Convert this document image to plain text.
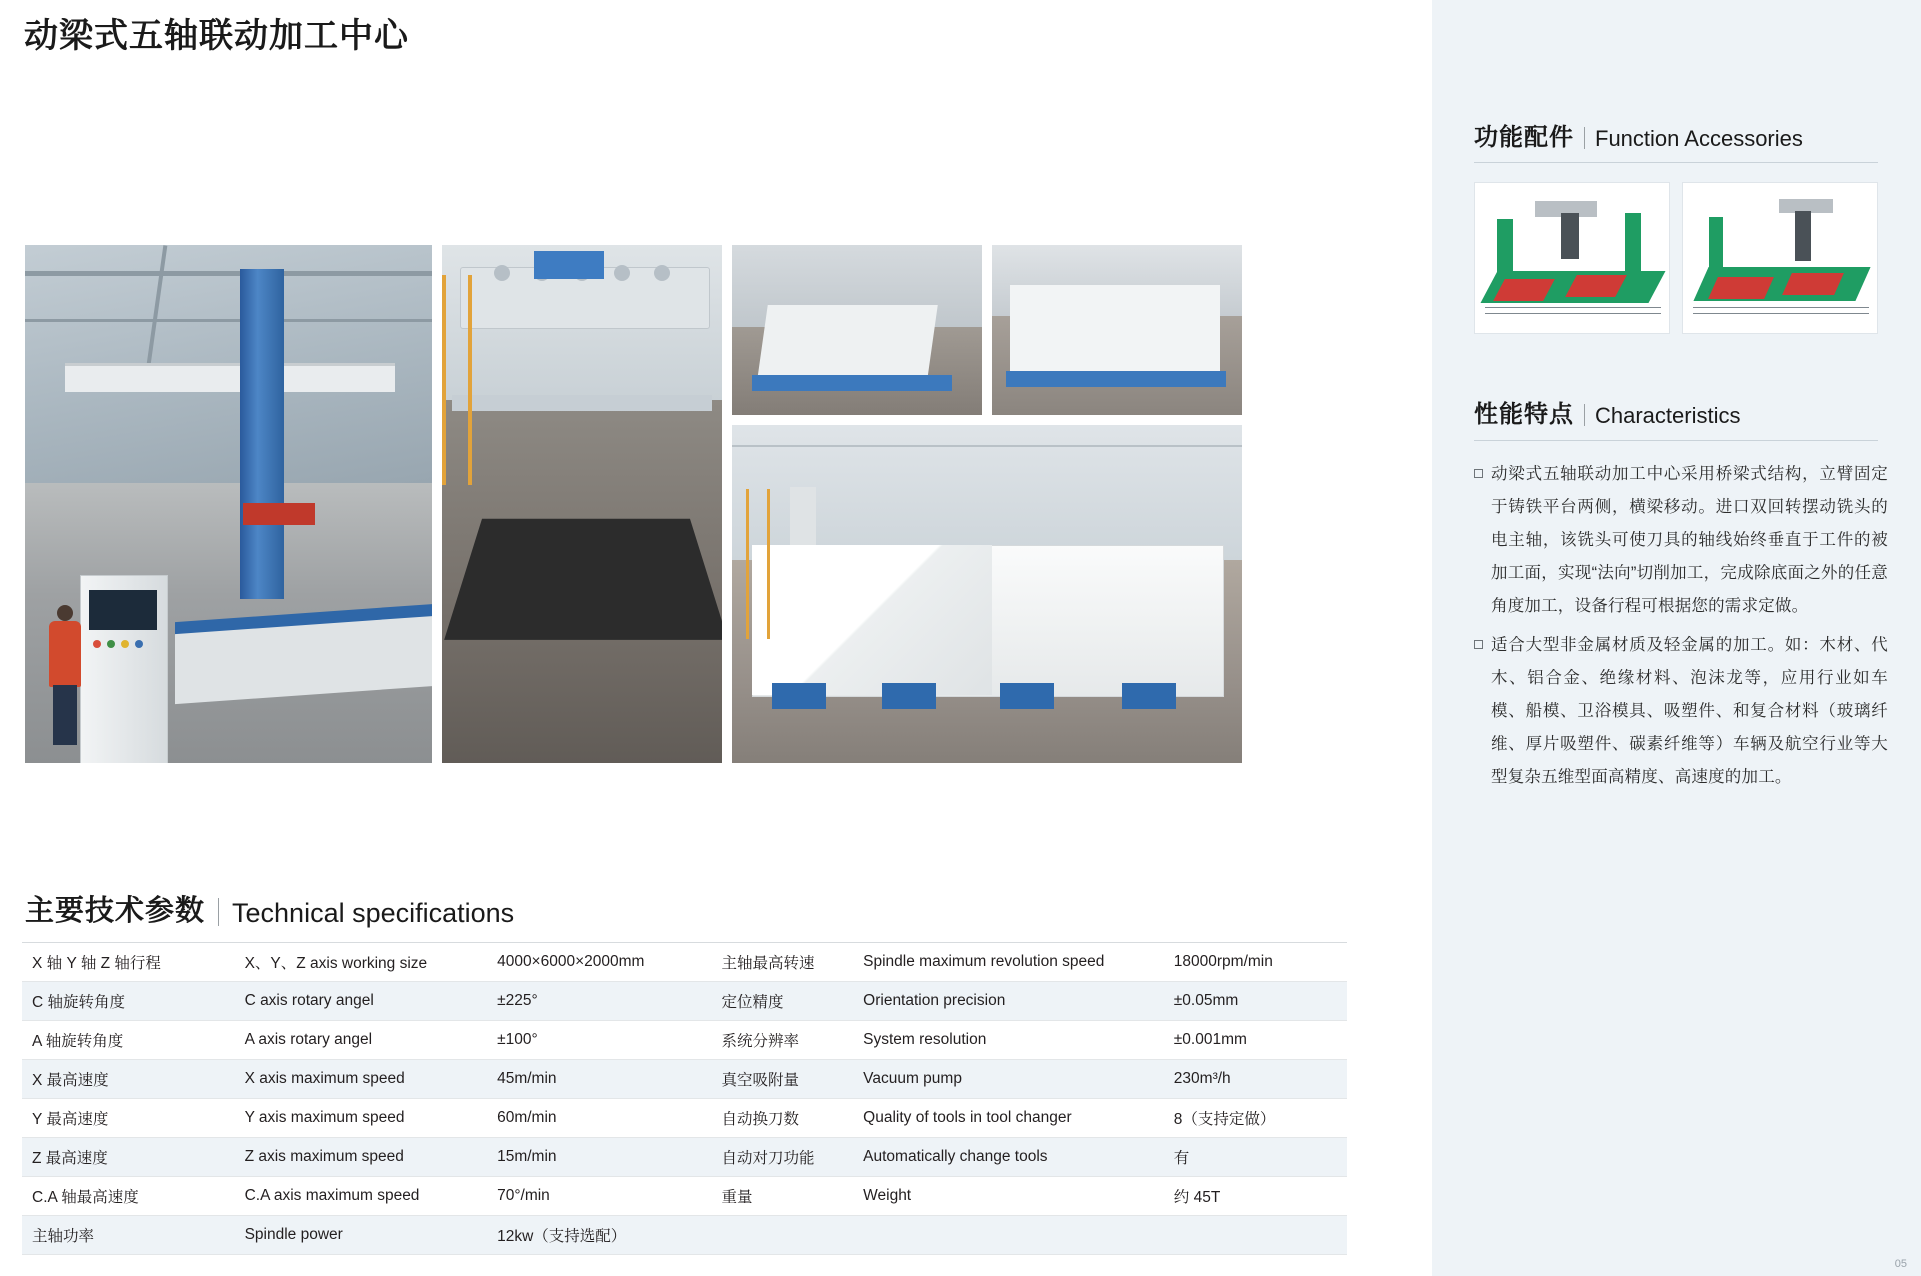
动梁式五轴联动加工中心
主要技术参数 Technical specifications
X 轴 Y 轴 Z 轴行程	X、Y、Z axis working size	4000×6000×2000mm	主轴最高转速	Spindle maximum revolution speed	18000rpm/min
C 轴旋转角度	C axis rotary angel	±225°	定位精度	Orientation precision	±0.05mm
A 轴旋转角度	A axis rotary angel	±100°	系统分辨率	System resolution	±0.001mm
X 最高速度	X axis maximum speed	45m/min	真空吸附量	Vacuum pump	230m³/h
Y 最高速度	Y axis maximum speed	60m/min	自动换刀数	Quality of tools in tool changer	8（支持定做）
Z 最高速度	Z axis maximum speed	15m/min	自动对刀功能	Automatically change tools	有
C.A 轴最高速度	C.A axis maximum speed	70°/min	重量	Weight	约 45T
主轴功率	Spindle power	12kw（支持选配）			
功能配件 Function Accessories
性能特点 Characteristics
动梁式五轴联动加工中心采用桥梁式结构，立臂固定于铸铁平台两侧，横梁移动。进口双回转摆动铣头的电主轴，该铣头可使刀具的轴线始终垂直于工件的被加工面，实现“法向”切削加工，完成除底面之外的任意角度加工，设备行程可根据您的需求定做。
适合大型非金属材质及轻金属的加工。如：木材、代木、铝合金、绝缘材料、泡沫龙等，应用行业如车模、船模、卫浴模具、吸塑件、和复合材料（玻璃纤维、厚片吸塑件、碳素纤维等）车辆及航空行业等大型复杂五维型面高精度、高速度的加工。
05
